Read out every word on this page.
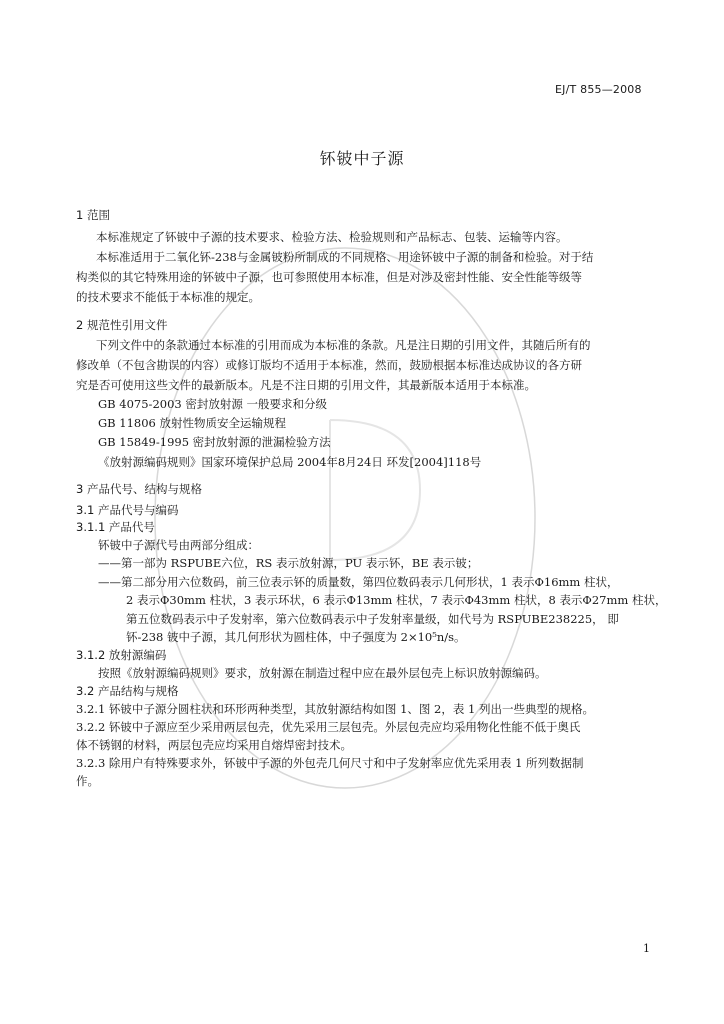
EJ/T 855—2008
钚铍中子源
1 范围
本标准规定了钚铍中子源的技术要求、检验方法、检验规则和产品标志、包装、运输等内容。
本标准适用于二氧化钚-238与金属铍粉所制成的不同规格、用途钚铍中子源的制备和检验。对于结
构类似的其它特殊用途的钚铍中子源，也可参照使用本标准，但是对涉及密封性能、安全性能等级等
的技术要求不能低于本标准的规定。
2 规范性引用文件
下列文件中的条款通过本标准的引用而成为本标准的条款。凡是注日期的引用文件，其随后所有的
修改单（不包含勘误的内容）或修订版均不适用于本标准，然而，鼓励根据本标准达成协议的各方研
究是否可使用这些文件的最新版本。凡是不注日期的引用文件，其最新版本适用于本标准。
GB 4075-2003 密封放射源 一般要求和分级
GB 11806 放射性物质安全运输规程
GB 15849-1995 密封放射源的泄漏检验方法
《放射源编码规则》国家环境保护总局 2004年8月24日 环发[2004]118号
3 产品代号、结构与规格
3.1 产品代号与编码
3.1.1 产品代号
钚铍中子源代号由两部分组成：
——第一部为 RSPUBE六位，RS 表示放射源，PU 表示钚，BE 表示铍；
——第二部分用六位数码，前三位表示钚的质量数，第四位数码表示几何形状，1 表示Φ16mm 柱状，
2 表示Φ30mm 柱状，3 表示环状，6 表示Φ13mm 柱状，7 表示Φ43mm 柱状，8 表示Φ27mm 柱状，
第五位数码表示中子发射率，第六位数码表示中子发射率量级，如代号为 RSPUBE238225， 即
钚-238 铍中子源，其几何形状为圆柱体，中子强度为 2×10⁵n/s。
3.1.2 放射源编码
按照《放射源编码规则》要求，放射源在制造过程中应在最外层包壳上标识放射源编码。
3.2 产品结构与规格
3.2.1 钚铍中子源分圆柱状和环形两种类型，其放射源结构如图 1、图 2，表 1 列出一些典型的规格。
3.2.2 钚铍中子源应至少采用两层包壳，优先采用三层包壳。外层包壳应均采用物化性能不低于奥氏
体不锈钢的材料，两层包壳应均采用自熔焊密封技术。
3.2.3 除用户有特殊要求外，钚铍中子源的外包壳几何尺寸和中子发射率应优先采用表 1 所列数据制
作。
1
